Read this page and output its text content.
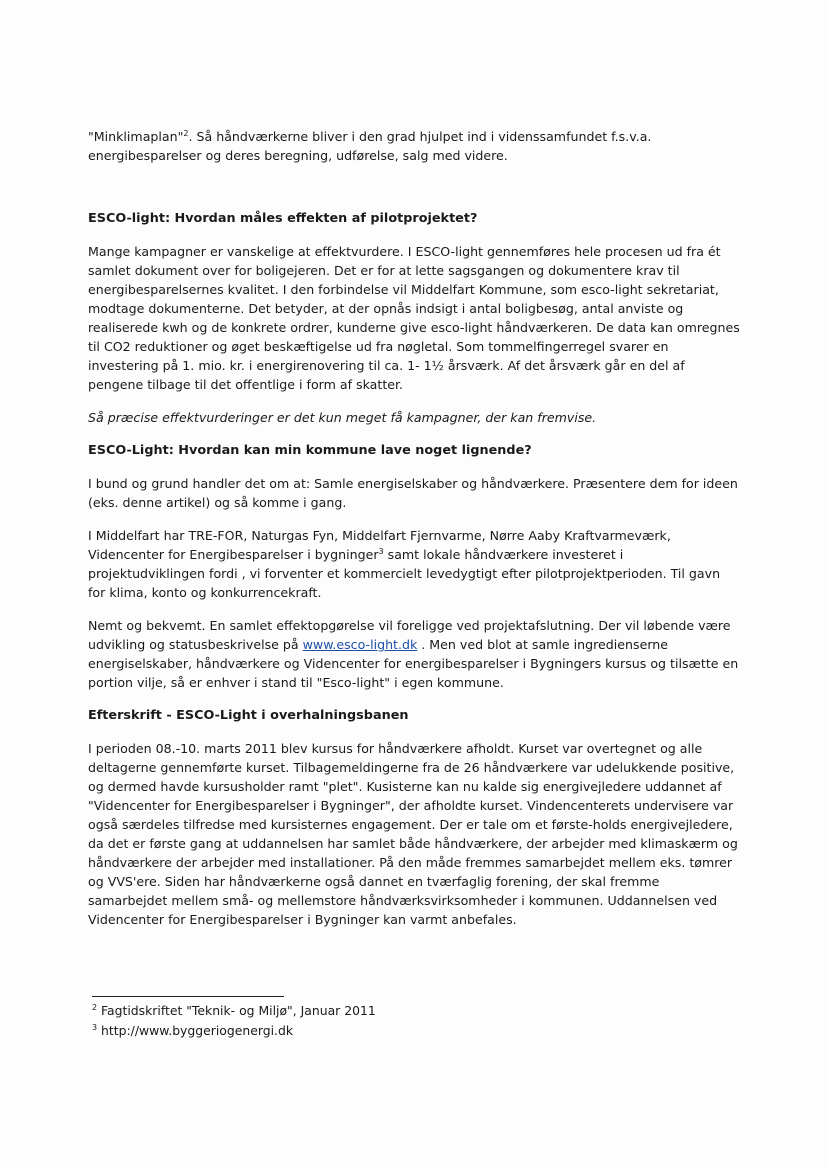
"Minklimaplan"$^2$. Så håndværkerne bliver i den grad hjulpet ind i videnssamfundet f.s.v.a. energibesparelser og deres beregning, udførelse, salg med videre.

ESCO-light: Hvordan måles effekten af pilotprojektet?

Mange kampagner er vanskelige at effektvurdere. I ESCO-light gennemføres hele procesen ud fra ét samlet dokument over for boligejeren. Det er for at lette sagsgangen og dokumentere krav til energibesparelsernes kvalitet. I den forbindelse vil Middelfart Kommune, som esco-light sekretariat, modtage dokumenterne. Det betyder, at der opnås indsigt i antal boligbesøg, antal anviste og realiserede kwh og de konkrete ordrer, kunderne give esco-light håndværkeren. De data kan omregnes til CO2 reduktioner og øget beskæftigelse ud fra nøgletal. Som tommelfingerregel svarer en investering på 1. mio. kr. i energirenovering til ca. 1- 1½ årsværk. Af det årsværk går en del af pengene tilbage til det offentlige i form af skatter.

Så præcise effektvurderinger er det kun meget få kampagner, der kan fremvise.

ESCO-Light: Hvordan kan min kommune lave noget lignende?

I bund og grund handler det om at: Samle energiselskaber og håndværkere. Præsentere dem for ideen (eks. denne artikel) og så komme i gang.

I Middelfart har TRE-FOR, Naturgas Fyn, Middelfart Fjernvarme, Nørre Aaby Kraftvarmeværk, Videncenter for Energibesparelser i bygninger$^3$ samt lokale håndværkere investeret i projektudviklingen fordi , vi forventer et kommercielt levedygtigt efter pilotprojektperioden. Til gavn for klima, konto og konkurrencekraft.

Nemt og bekvemt. En samlet effektopgørelse vil foreligge ved projektafslutning. Der vil løbende være udvikling og statusbeskrivelse på www.esco-light.dk . Men ved blot at samle ingredienserne energiselskaber, håndværkere og Videncenter for energibesparelser i Bygningers kursus og tilsætte en portion vilje, så er enhver i stand til "Esco-light" i egen kommune.

Efterskrift - ESCO-Light i overhalningsbanen

I perioden 08.-10. marts 2011 blev kursus for håndværkere afholdt. Kurset var overtegnet og alle deltagerne gennemførte kurset. Tilbagemeldingerne fra de 26 håndværkere var udelukkende positive, og dermed havde kursusholder ramt "plet". Kusisterne kan nu kalde sig energivejledere uddannet af "Videncenter for Energibesparelser i Bygninger", der afholdte kurset. Vindencenterets undervisere var også særdeles tilfredse med kursisternes engagement. Der er tale om et første-holds energivejledere, da det er første gang at uddannelsen har samlet både håndværkere, der arbejder med klimaskærm og håndværkere der arbejder med installationer. På den måde fremmes samarbejdet mellem eks. tømrer og VVS'ere. Siden har håndværkerne også dannet en tværfaglig forening, der skal fremme samarbejdet mellem små- og mellemstore håndværksvirksomheder i kommunen. Uddannelsen ved Videncenter for Energibesparelser i Bygninger kan varmt anbefales.

$^2$ Fagtidskriftet "Teknik- og Miljø", Januar 2011
$^3$ http://www.byggeriogenergi.dk
